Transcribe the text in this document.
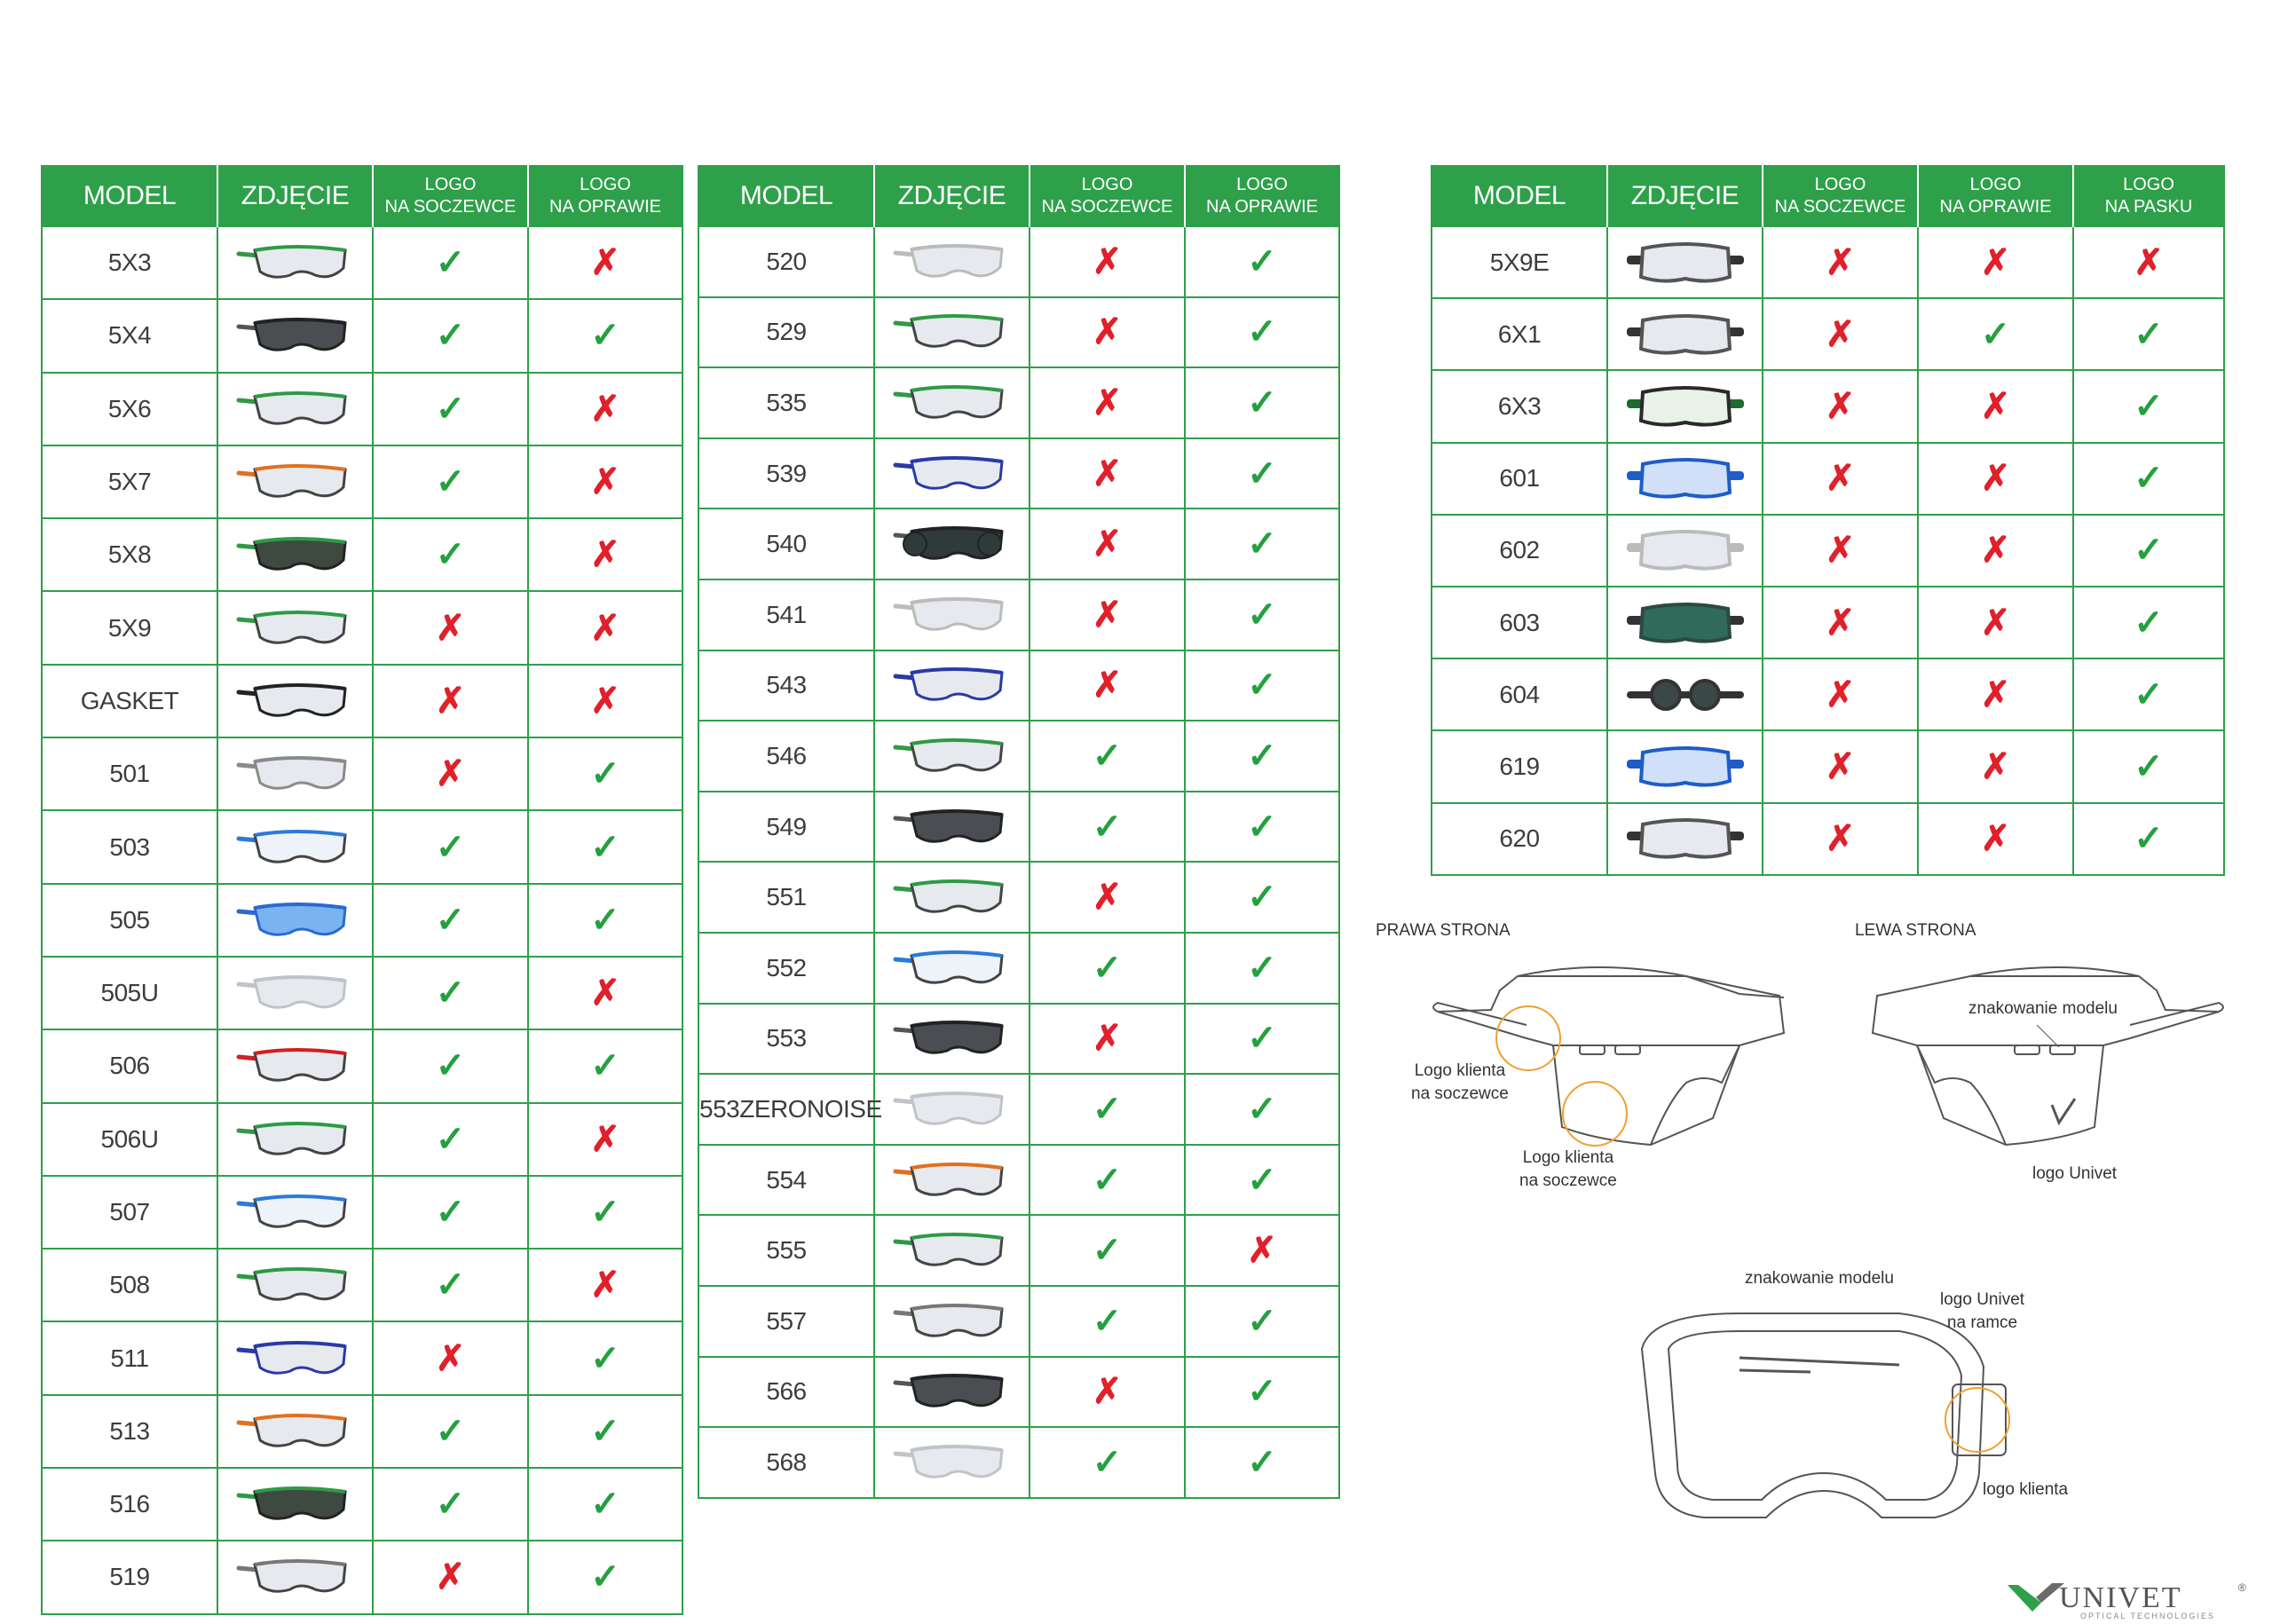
MODEL	ZDJĘCIE	LOGO
NA SOCZEWCE	LOGO
NA OPRAWIE

5X3		✓	✗
5X4		✓	✓
5X6		✓	✗
5X7		✓	✗
5X8		✓	✗
5X9		✗	✗
GASKET		✗	✗
501		✗	✓
503		✓	✓
505		✓	✓
505U		✓	✗
506		✓	✓
506U		✓	✗
507		✓	✓
508		✓	✗
511		✗	✓
513		✓	✓
516		✓	✓
519		✗	✓
MODEL	ZDJĘCIE	LOGO
NA SOCZEWCE	LOGO
NA OPRAWIE

520		✗	✓
529		✗	✓
535		✗	✓
539		✗	✓
540		✗	✓
541		✗	✓
543		✗	✓
546		✓	✓
549		✓	✓
551		✗	✓
552		✓	✓
553		✗	✓
553ZERONOISE		✓	✓
554		✓	✓
555		✓	✗
557		✓	✓
566		✗	✓
568		✓	✓
MODEL	ZDJĘCIE	LOGO
NA SOCZEWCE	LOGO
NA OPRAWIE	LOGO
NA PASKU

5X9E		✗	✗	✗
6X1		✗	✓	✓
6X3		✗	✗	✓
601		✗	✗	✓
602		✗	✗	✓
603		✗	✗	✓
604		✗	✗	✓
619		✗	✗	✓
620		✗	✗	✓
PRAWA STRONA	LEWA STRONA
Logo klienta
na soczewce
Logo klienta
na soczewce
znakowanie modelu
logo Univet
znakowanie modelu
logo Univet
na ramce
logo klienta
UNIVET	®
OPTICAL TECHNOLOGIES
